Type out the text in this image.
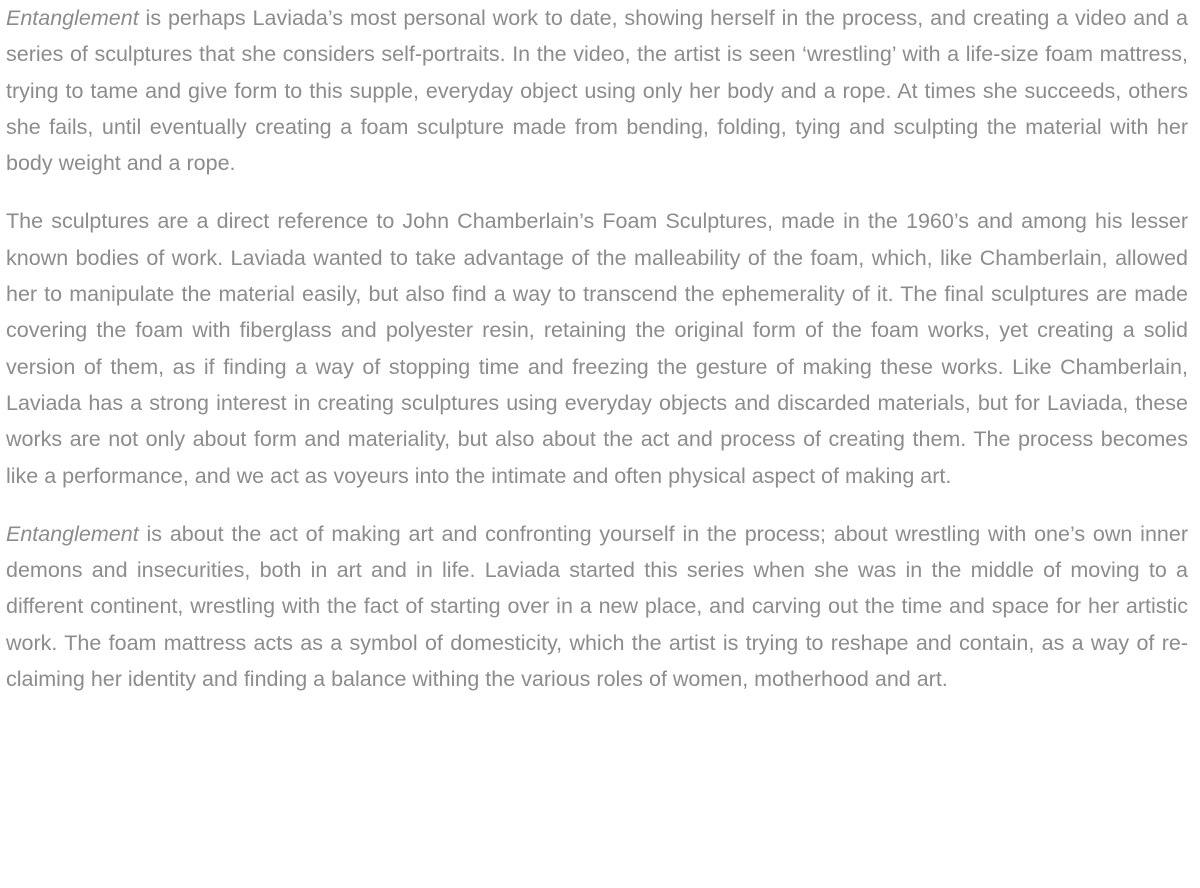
Entanglement is perhaps Laviada’s most personal work to date, showing herself in the process, and creating a video and a series of sculptures that she considers self-portraits. In the video, the artist is seen ‘wrestling’ with a life-size foam mattress, trying to tame and give form to this supple, everyday object using only her body and a rope. At times she succeeds, others she fails, until eventually creating a foam sculpture made from bending, folding, tying and sculpting the material with her body weight and a rope.

The sculptures are a direct reference to John Chamberlain’s Foam Sculptures, made in the 1960’s and among his lesser known bodies of work. Laviada wanted to take advantage of the malleability of the foam, which, like Chamberlain, allowed her to manipulate the material easily, but also find a way to transcend the ephemerality of it. The final sculptures are made covering the foam with fiberglass and polyester resin, retaining the original form of the foam works, yet creating a solid version of them, as if finding a way of stopping time and freezing the gesture of making these works. Like Chamberlain, Laviada has a strong interest in creating sculptures using everyday objects and discarded materials, but for Laviada, these works are not only about form and materiality, but also about the act and process of creating them. The process becomes like a performance, and we act as voyeurs into the intimate and often physical aspect of making art.

Entanglement is about the act of making art and confronting yourself in the process; about wrestling with one’s own inner demons and insecurities, both in art and in life. Laviada started this series when she was in the middle of moving to a different continent, wrestling with the fact of starting over in a new place, and carving out the time and space for her artistic work. The foam mattress acts as a symbol of domesticity, which the artist is trying to reshape and contain, as a way of re-claiming her identity and finding a balance withing the various roles of women, motherhood and art.
